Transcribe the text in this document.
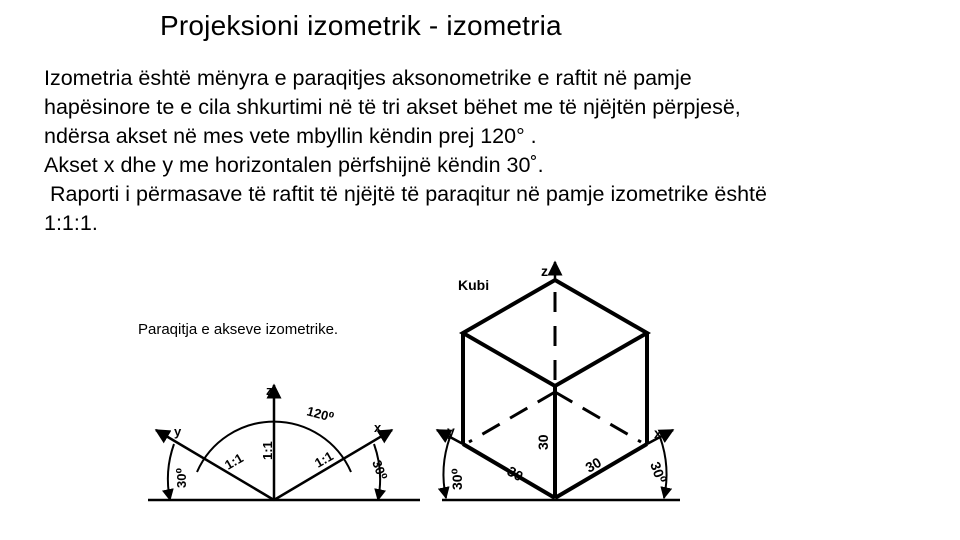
Projeksioni izometrik - izometria
Izometria është mënyra e paraqitjes aksonometrike e raftit në pamje
hapësinore te e cila shkurtimi në të tri akset bëhet me të njëjtën përpjesë,
ndërsa akset në mes vete mbyllin këndin prej 120° .
Akset x dhe y me horizontalen përfshijnë këndin 30˚.
Raporti i përmasave të raftit të njëjtë të paraqitur në pamje izometrike është
1:1:1.
Paraqitja e akseve izometrike.
z
y	x
120⁰
1:1 1:1	1:1
30⁰	30⁰
Kubi
z
y	x
30
30	30
30⁰	30⁰
